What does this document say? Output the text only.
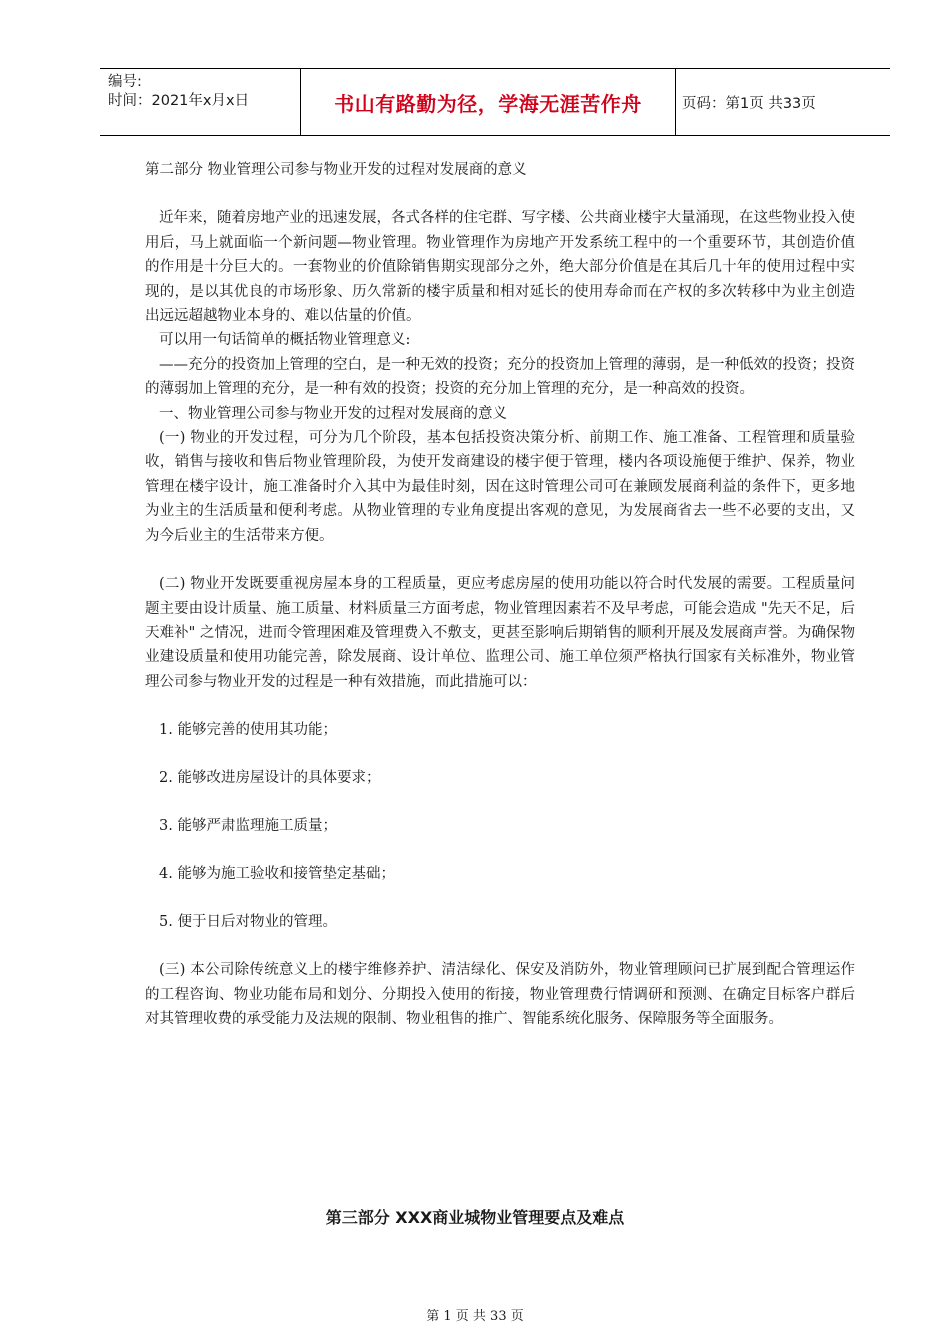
编号:
时间：2021年x月x日	书山有路勤为径，学海无涯苦作舟	页码：第1页 共33页

第二部分 物业管理公司参与物业开发的过程对发展商的意义

近年来，随着房地产业的迅速发展，各式各样的住宅群、写字楼、公共商业楼宇大量涌现，在这些物业投入使用后，马上就面临一个新问题—物业管理。物业管理作为房地产开发系统工程中的一个重要环节，其创造价值的作用是十分巨大的。一套物业的价值除销售期实现部分之外，绝大部分价值是在其后几十年的使用过程中实现的，是以其优良的市场形象、历久常新的楼宇质量和相对延长的使用寿命而在产权的多次转移中为业主创造出远远超越物业本身的、难以估量的价值。

可以用一句话简单的概括物业管理意义:

——充分的投资加上管理的空白，是一种无效的投资；充分的投资加上管理的薄弱，是一种低效的投资；投资的薄弱加上管理的充分，是一种有效的投资；投资的充分加上管理的充分，是一种高效的投资。

一、物业管理公司参与物业开发的过程对发展商的意义

(一) 物业的开发过程，可分为几个阶段，基本包括投资决策分析、前期工作、施工准备、工程管理和质量验收，销售与接收和售后物业管理阶段，为使开发商建设的楼宇便于管理，楼内各项设施便于维护、保养，物业管理在楼宇设计，施工准备时介入其中为最佳时刻，因在这时管理公司可在兼顾发展商利益的条件下，更多地为业主的生活质量和便利考虑。从物业管理的专业角度提出客观的意见，为发展商省去一些不必要的支出，又为今后业主的生活带来方便。

(二) 物业开发既要重视房屋本身的工程质量，更应考虑房屋的使用功能以符合时代发展的需要。工程质量问题主要由设计质量、施工质量、材料质量三方面考虑，物业管理因素若不及早考虑，可能会造成 "先天不足，后天难补" 之情况，进而令管理困难及管理费入不敷支，更甚至影响后期销售的顺利开展及发展商声誉。为确保物业建设质量和使用功能完善，除发展商、设计单位、监理公司、施工单位须严格执行国家有关标准外，物业管理公司参与物业开发的过程是一种有效措施，而此措施可以：

1. 能够完善的使用其功能；

2. 能够改进房屋设计的具体要求；

3. 能够严肃监理施工质量；

4. 能够为施工验收和接管垫定基础；

5. 便于日后对物业的管理。

(三) 本公司除传统意义上的楼宇维修养护、清洁绿化、保安及消防外，物业管理顾问已扩展到配合管理运作的工程咨询、物业功能布局和划分、分期投入使用的衔接，物业管理费行情调研和预测、在确定目标客户群后对其管理收费的承受能力及法规的限制、物业租售的推广、智能系统化服务、保障服务等全面服务。

第三部分 XXX商业城物业管理要点及难点
第 1 页 共 33 页
